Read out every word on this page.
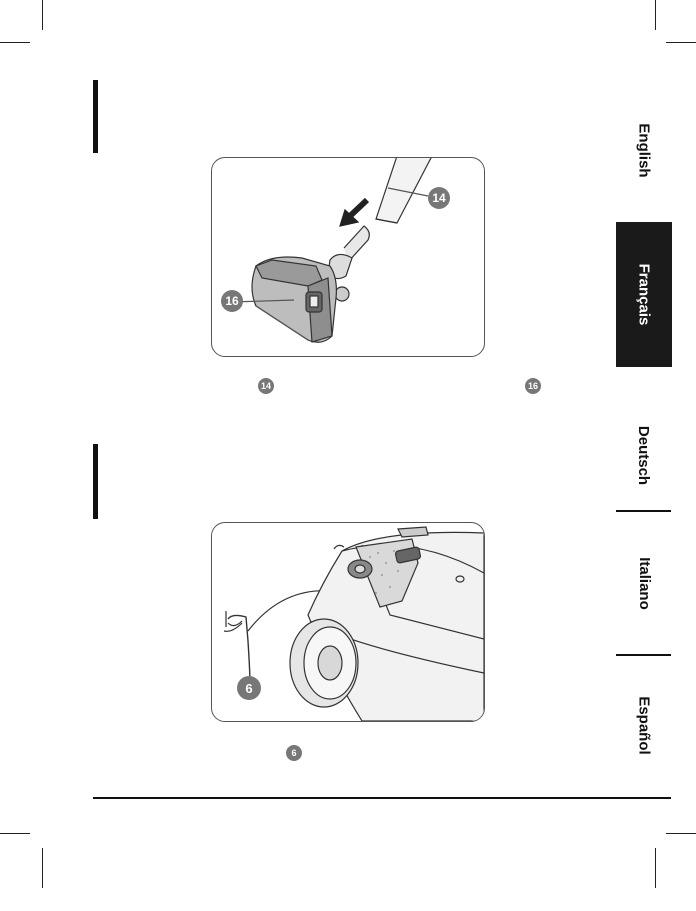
14
16
14	16
6
6
English
Français
Deutsch
Italiano
Español
